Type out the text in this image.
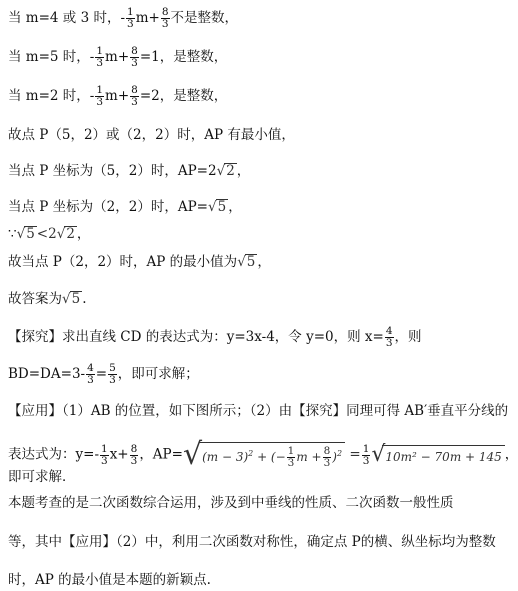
当 m=4 或 3 时，- $\frac{1}{3} m+ \frac{8}{3}$ 不是整数，
当 m=5 时，- $\frac{1}{3} m+ \frac{8}{3} =1$，是整数，
当 m=2 时，- $\frac{1}{3} m+ \frac{8}{3} =2$，是整数，
故点 P（5，2）或（2，2）时，AP 有最小值，
当点 P 坐标为（5，2）时，AP=2√2 ，
当点 P 坐标为（2，2）时，AP=√5 ，
∵√5 <2√2 ，
故当点 P（2，2）时，AP 的最小值为√5 ，
故答案为√5 .
【探究】求出直线 CD 的表达式为：y=3x-4，令 y=0，则 $x= \frac{4}{3}$ ，则
$BD=DA=3- \frac{4}{3} = \frac{5}{3}$ ，即可求解；
【应用】（1）AB 的位置，如下图所示；（2）由【探究】同理可得 AB′垂直平分线的
表达式为：$y=- \frac{1}{3} x+ \frac{8}{3}$ ，$AP=√(m - 3)^2$ + (− $\frac{1}{3}$ $m + \frac{8}{3} )^2 = \frac{1}{3} √10m^2 - 70m + 145$ ，
即可求解．
本题考查的是二次函数综合运用，涉及到中垂线的性质、二次函数一般性质
等，其中【应用】（2）中，利用二次函数对称性，确定点 P的横、纵坐标均为整数
时，AP 的最小值是本题的新颖点.
